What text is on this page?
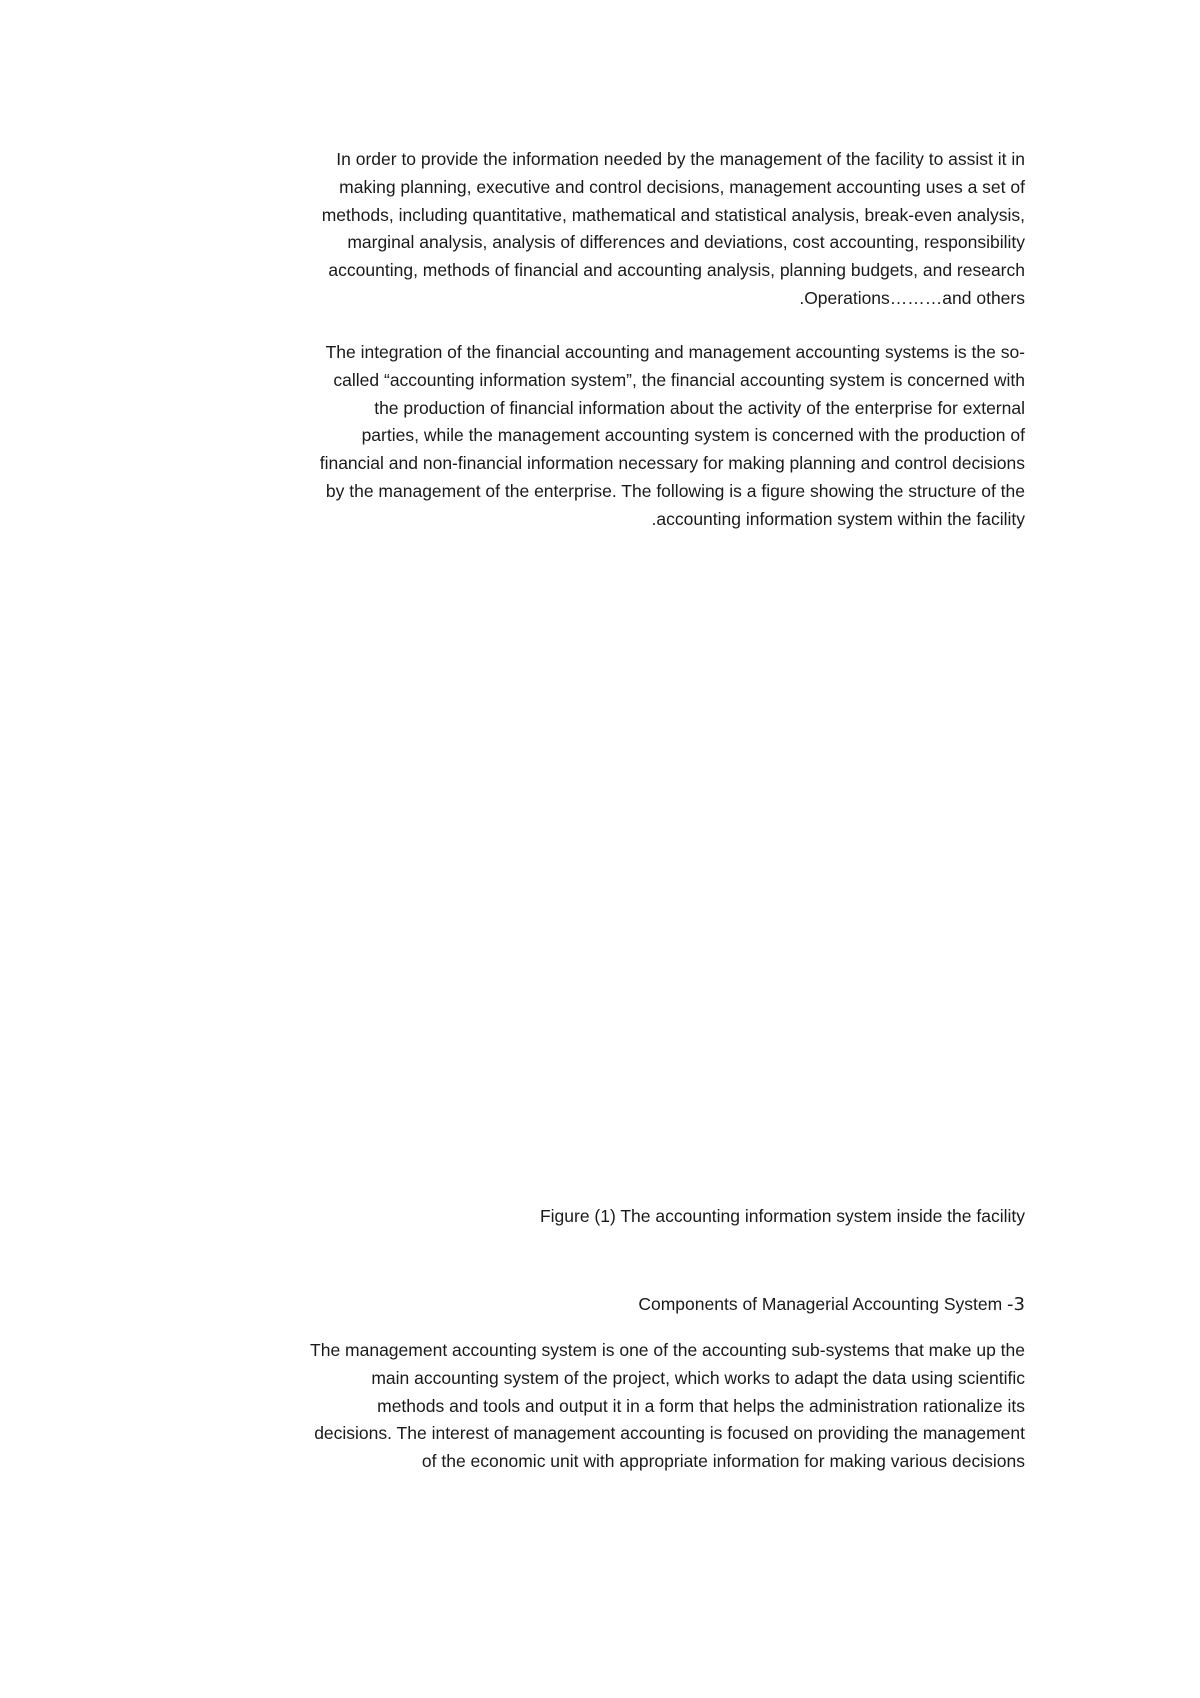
In order to provide the information needed by the management of the facility to assist it in
making planning, executive and control decisions, management accounting uses a set of
methods, including quantitative, mathematical and statistical analysis, break-even analysis,
marginal analysis, analysis of differences and deviations, cost accounting, responsibility
accounting, methods of financial and accounting analysis, planning budgets, and research
.Operations………and others
The integration of the financial accounting and management accounting systems is the so-
called “accounting information system”, the financial accounting system is concerned with
the production of financial information about the activity of the enterprise for external
parties, while the management accounting system is concerned with the production of
financial and non-financial information necessary for making planning and control decisions
by the management of the enterprise. The following is a figure showing the structure of the
.accounting information system within the facility
Figure (1) The accounting information system inside the facility
Components of Managerial Accounting System -3
The management accounting system is one of the accounting sub-systems that make up the
main accounting system of the project, which works to adapt the data using scientific
methods and tools and output it in a form that helps the administration rationalize its
decisions. The interest of management accounting is focused on providing the management
of the economic unit with appropriate information for making various decisions
